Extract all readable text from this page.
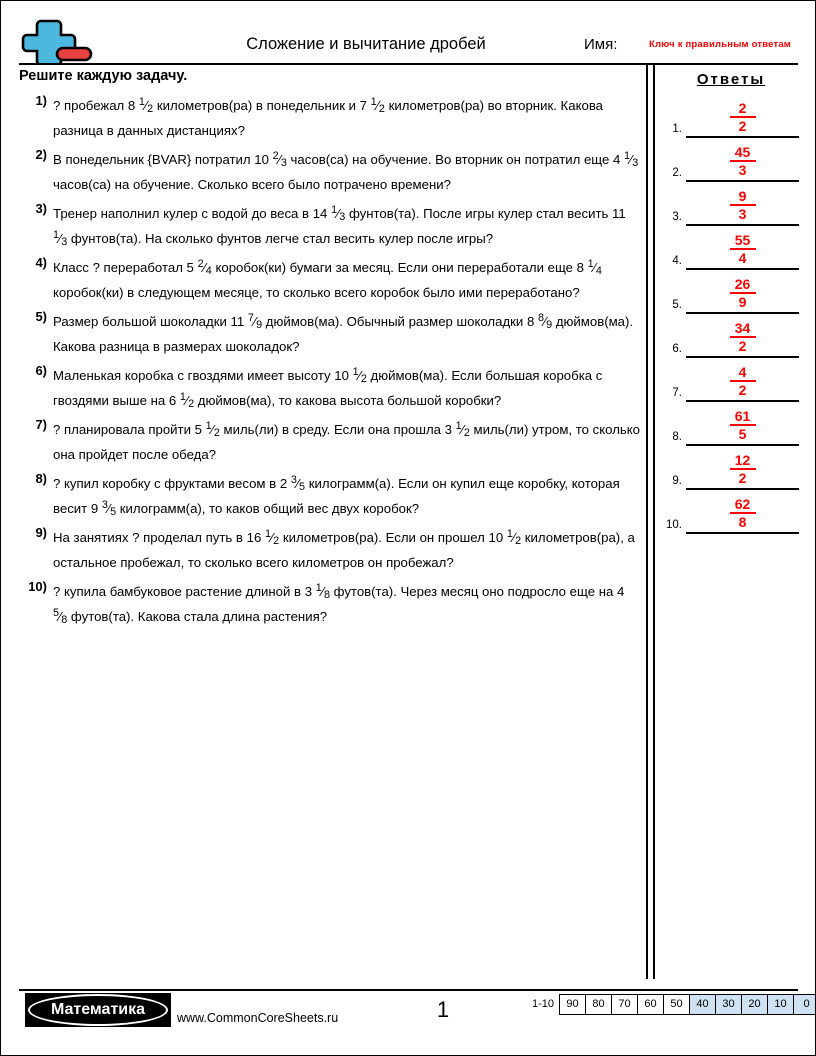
Сложение и вычитание дробей	Имя:	Ключ к правильным ответам
Решите каждую задачу.
1) ? пробежал 8 $^1$⁄2 километров(ра) в понедельник и 7 $^1$⁄2 километров(ра) во вторник. Какова разница в данных дистанциях?
2) В понедельник {BVAR} потратил 10 $^2$⁄3 часов(са) на обучение. Во вторник он потратил еще 4 $^1$⁄3 часов(са) на обучение. Сколько всего было потрачено времени?
3) Тренер наполнил кулер с водой до веса в 14 $^1$⁄3 фунтов(та). После игры кулер стал весить 11 $^1$⁄3 фунтов(та). На сколько фунтов легче стал весить кулер после игры?
4) Класс ? переработал 5 $^2$⁄4 коробок(ки) бумаги за месяц. Если они переработали еще 8 $^1$⁄4 коробок(ки) в следующем месяце, то сколько всего коробок было ими переработано?
5) Размер большой шоколадки 11 $^7$⁄9 дюймов(ма). Обычный размер шоколадки 8 $^8$⁄9 дюймов(ма). Какова разница в размерах шоколадок?
6) Маленькая коробка с гвоздями имеет высоту 10 $^1$⁄2 дюймов(ма). Если большая коробка с гвоздями выше на 6 $^1$⁄2 дюймов(ма), то какова высота большой коробки?
7) ? планировала пройти 5 $^1$⁄2 миль(ли) в среду. Если она прошла 3 $^1$⁄2 миль(ли) утром, то сколько она пройдет после обеда?
8) ? купил коробку с фруктами весом в 2 $^3$⁄5 килограмм(а). Если он купил еще коробку, которая весит 9 $^3$⁄5 килограмм(а), то каков общий вес двух коробок?
9) На занятиях ? проделал путь в 16 $^1$⁄2 километров(ра). Если он прошел 10 $^1$⁄2 километров(ра), а остальное пробежал, то сколько всего километров он пробежал?
10) ? купила бамбуковое растение длиной в 3 $^1$⁄8 футов(та). Через месяц оно подросло еще на 4 $^5$⁄8 футов(та). Какова стала длина растения?
Ответы
1. $\frac{2}{2}$
2. $\frac{45}{3}$
3. $\frac{9}{3}$
4. $\frac{55}{4}$
5. $\frac{26}{9}$
6. $\frac{34}{2}$
7. $\frac{4}{2}$
8. $\frac{61}{5}$
9. $\frac{12}{2}$
10. $\frac{62}{8}$
Математика	www.CommonCoreSheets.ru	1	1-10	90	80	70	60	50	40	30	20	10	0
